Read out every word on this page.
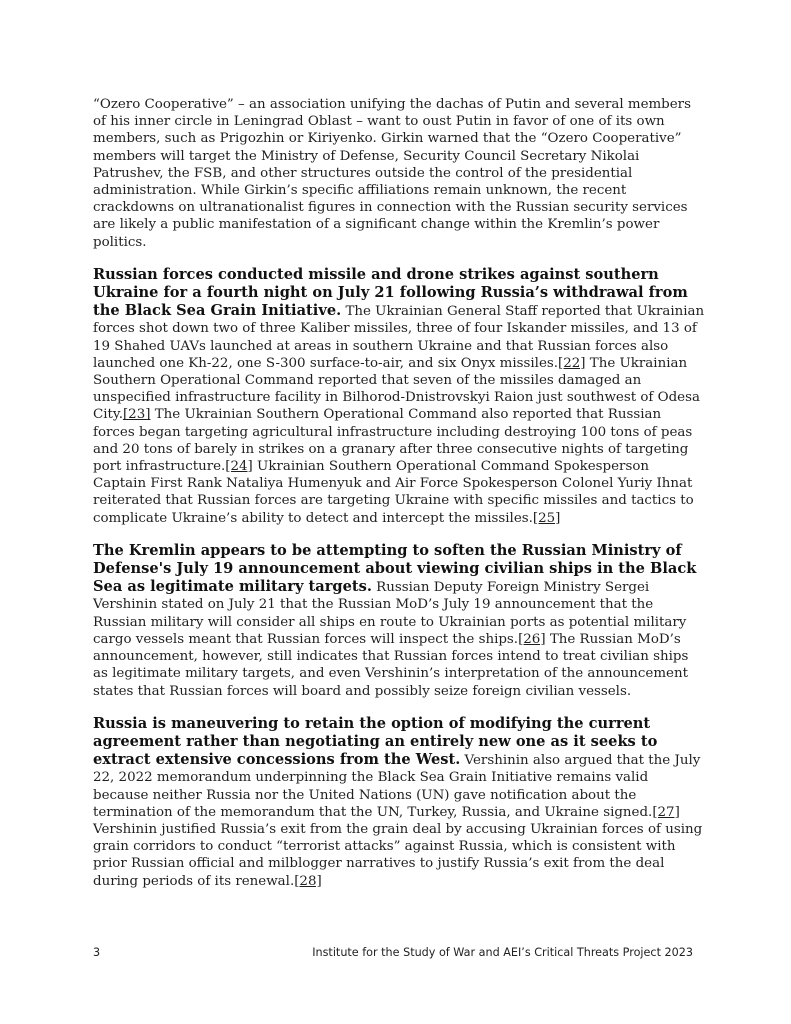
“Ozero Cooperative” – an association unifying the dachas of Putin and several members of his inner circle in Leningrad Oblast – want to oust Putin in favor of one of its own members, such as Prigozhin or Kiriyenko. Girkin warned that the “Ozero Cooperative” members will target the Ministry of Defense, Security Council Secretary Nikolai Patrushev, the FSB, and other structures outside the control of the presidential administration. While Girkin’s specific affiliations remain unknown, the recent crackdowns on ultranationalist figures in connection with the Russian security services are likely a public manifestation of a significant change within the Kremlin’s power politics.

Russian forces conducted missile and drone strikes against southern Ukraine for a fourth night on July 21 following Russia’s withdrawal from the Black Sea Grain Initiative. The Ukrainian General Staff reported that Ukrainian forces shot down two of three Kaliber missiles, three of four Iskander missiles, and 13 of 19 Shahed UAVs launched at areas in southern Ukraine and that Russian forces also launched one Kh-22, one S-300 surface-to-air, and six Onyx missiles.[22] The Ukrainian Southern Operational Command reported that seven of the missiles damaged an unspecified infrastructure facility in Bilhorod-Dnistrovskyi Raion just southwest of Odesa City.[23] The Ukrainian Southern Operational Command also reported that Russian forces began targeting agricultural infrastructure including destroying 100 tons of peas and 20 tons of barely in strikes on a granary after three consecutive nights of targeting port infrastructure.[24] Ukrainian Southern Operational Command Spokesperson Captain First Rank Nataliya Humenyuk and Air Force Spokesperson Colonel Yuriy Ihnat reiterated that Russian forces are targeting Ukraine with specific missiles and tactics to complicate Ukraine’s ability to detect and intercept the missiles.[25]

The Kremlin appears to be attempting to soften the Russian Ministry of Defense's July 19 announcement about viewing civilian ships in the Black Sea as legitimate military targets. Russian Deputy Foreign Ministry Sergei Vershinin stated on July 21 that the Russian MoD’s July 19 announcement that the Russian military will consider all ships en route to Ukrainian ports as potential military cargo vessels meant that Russian forces will inspect the ships.[26] The Russian MoD’s announcement, however, still indicates that Russian forces intend to treat civilian ships as legitimate military targets, and even Vershinin’s interpretation of the announcement states that Russian forces will board and possibly seize foreign civilian vessels.

Russia is maneuvering to retain the option of modifying the current agreement rather than negotiating an entirely new one as it seeks to extract extensive concessions from the West. Vershinin also argued that the July 22, 2022 memorandum underpinning the Black Sea Grain Initiative remains valid because neither Russia nor the United Nations (UN) gave notification about the termination of the memorandum that the UN, Turkey, Russia, and Ukraine signed.[27] Vershinin justified Russia’s exit from the grain deal by accusing Ukrainian forces of using grain corridors to conduct “terrorist attacks” against Russia, which is consistent with prior Russian official and milblogger narratives to justify Russia’s exit from the deal during periods of its renewal.[28]

3	Institute for the Study of War and AEI’s Critical Threats Project 2023
